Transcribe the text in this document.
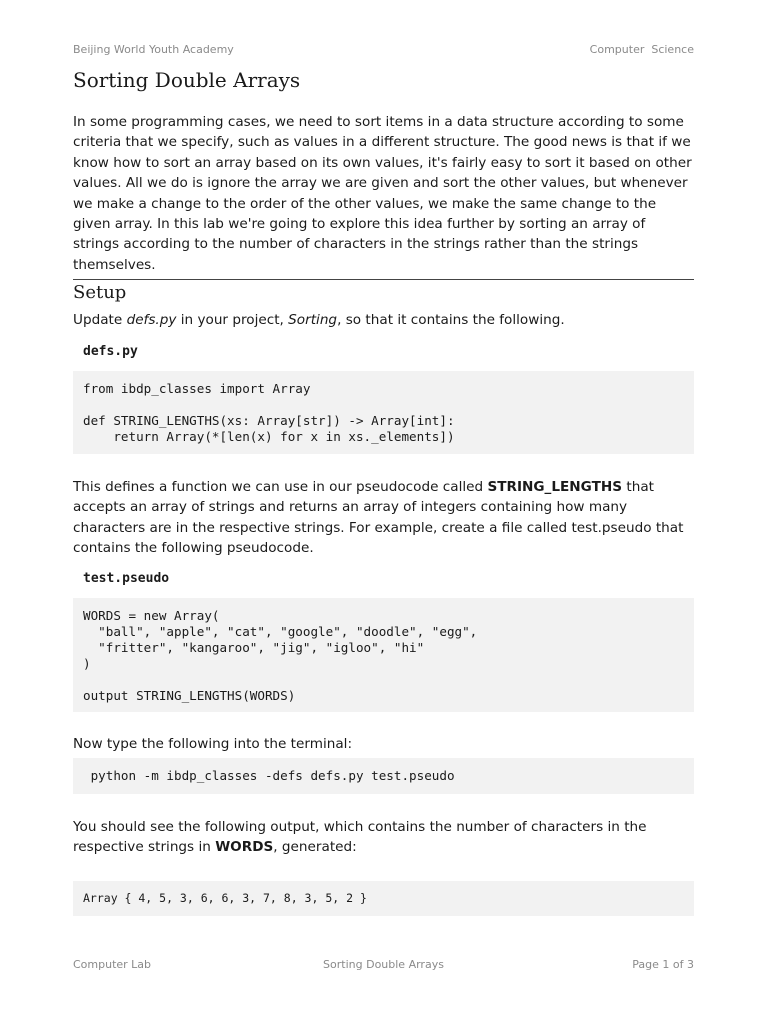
Beijing World Youth Academy	Computer  Science
Sorting Double Arrays

In some programming cases, we need to sort items in a data structure according to some criteria that we specify, such as values in a different structure. The good news is that if we know how to sort an array based on its own values, it's fairly easy to sort it based on other values. All we do is ignore the array we are given and sort the other values, but whenever we make a change to the order of the other values, we make the same change to the given array. In this lab we're going to explore this idea further by sorting an array of strings according to the number of characters in the strings rather than the strings themselves.

Setup

Update defs.py in your project, Sorting, so that it contains the following.

defs.py
from ibdp_classes import Array

def STRING_LENGTHS(xs: Array[str]) -> Array[int]:
return Array(*[len(x) for x in xs._elements])

This defines a function we can use in our pseudocode called STRING_LENGTHS that accepts an array of strings and returns an array of integers containing how many characters are in the respective strings. For example, create a file called test.pseudo that contains the following pseudocode.

test.pseudo
WORDS = new Array(
"ball", "apple", "cat", "google", "doodle", "egg",
"fritter", "kangaroo", "jig", "igloo", "hi"
)

output STRING_LENGTHS(WORDS)

Now type the following into the terminal:

python -m ibdp_classes -defs defs.py test.pseudo

You should see the following output, which contains the number of characters in the respective strings in WORDS, generated:

Array { 4, 5, 3, 6, 6, 3, 7, 8, 3, 5, 2 }
Computer Lab	Sorting Double Arrays	Page 1 of 3
